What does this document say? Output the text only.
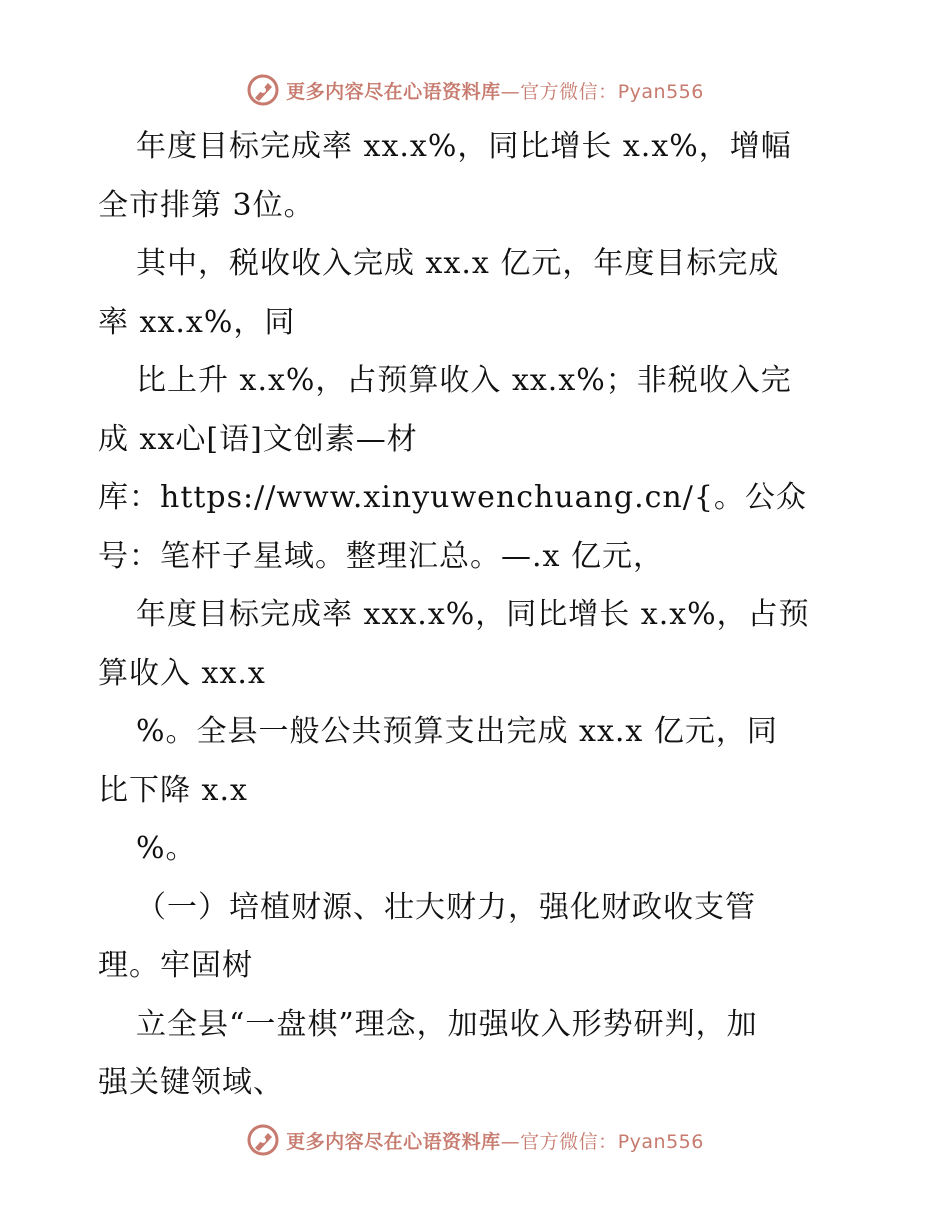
更多内容尽在心语资料库—官方微信：Pyan556
年度目标完成率 xx.x%，同比增长 x.x%，增幅
全市排第 3位。
其中，税收收入完成 xx.x 亿元，年度目标完成
率 xx.x%，同
比上升 x.x%，占预算收入 xx.x%；非税收入完
成 xx心[语]文创素—材
库：https://www.xinyuwenchuang.cn/{。公众
号：笔杆子星域。整理汇总。—.x 亿元，
年度目标完成率 xxx.x%，同比增长 x.x%，占预
算收入 xx.x
%。全县一般公共预算支出完成 xx.x 亿元，同
比下降 x.x
%。
（一）培植财源、壮大财力，强化财政收支管
理。牢固树
立全县“一盘棋”理念，加强收入形势研判，加
强关键领域、
更多内容尽在心语资料库—官方微信：Pyan556
